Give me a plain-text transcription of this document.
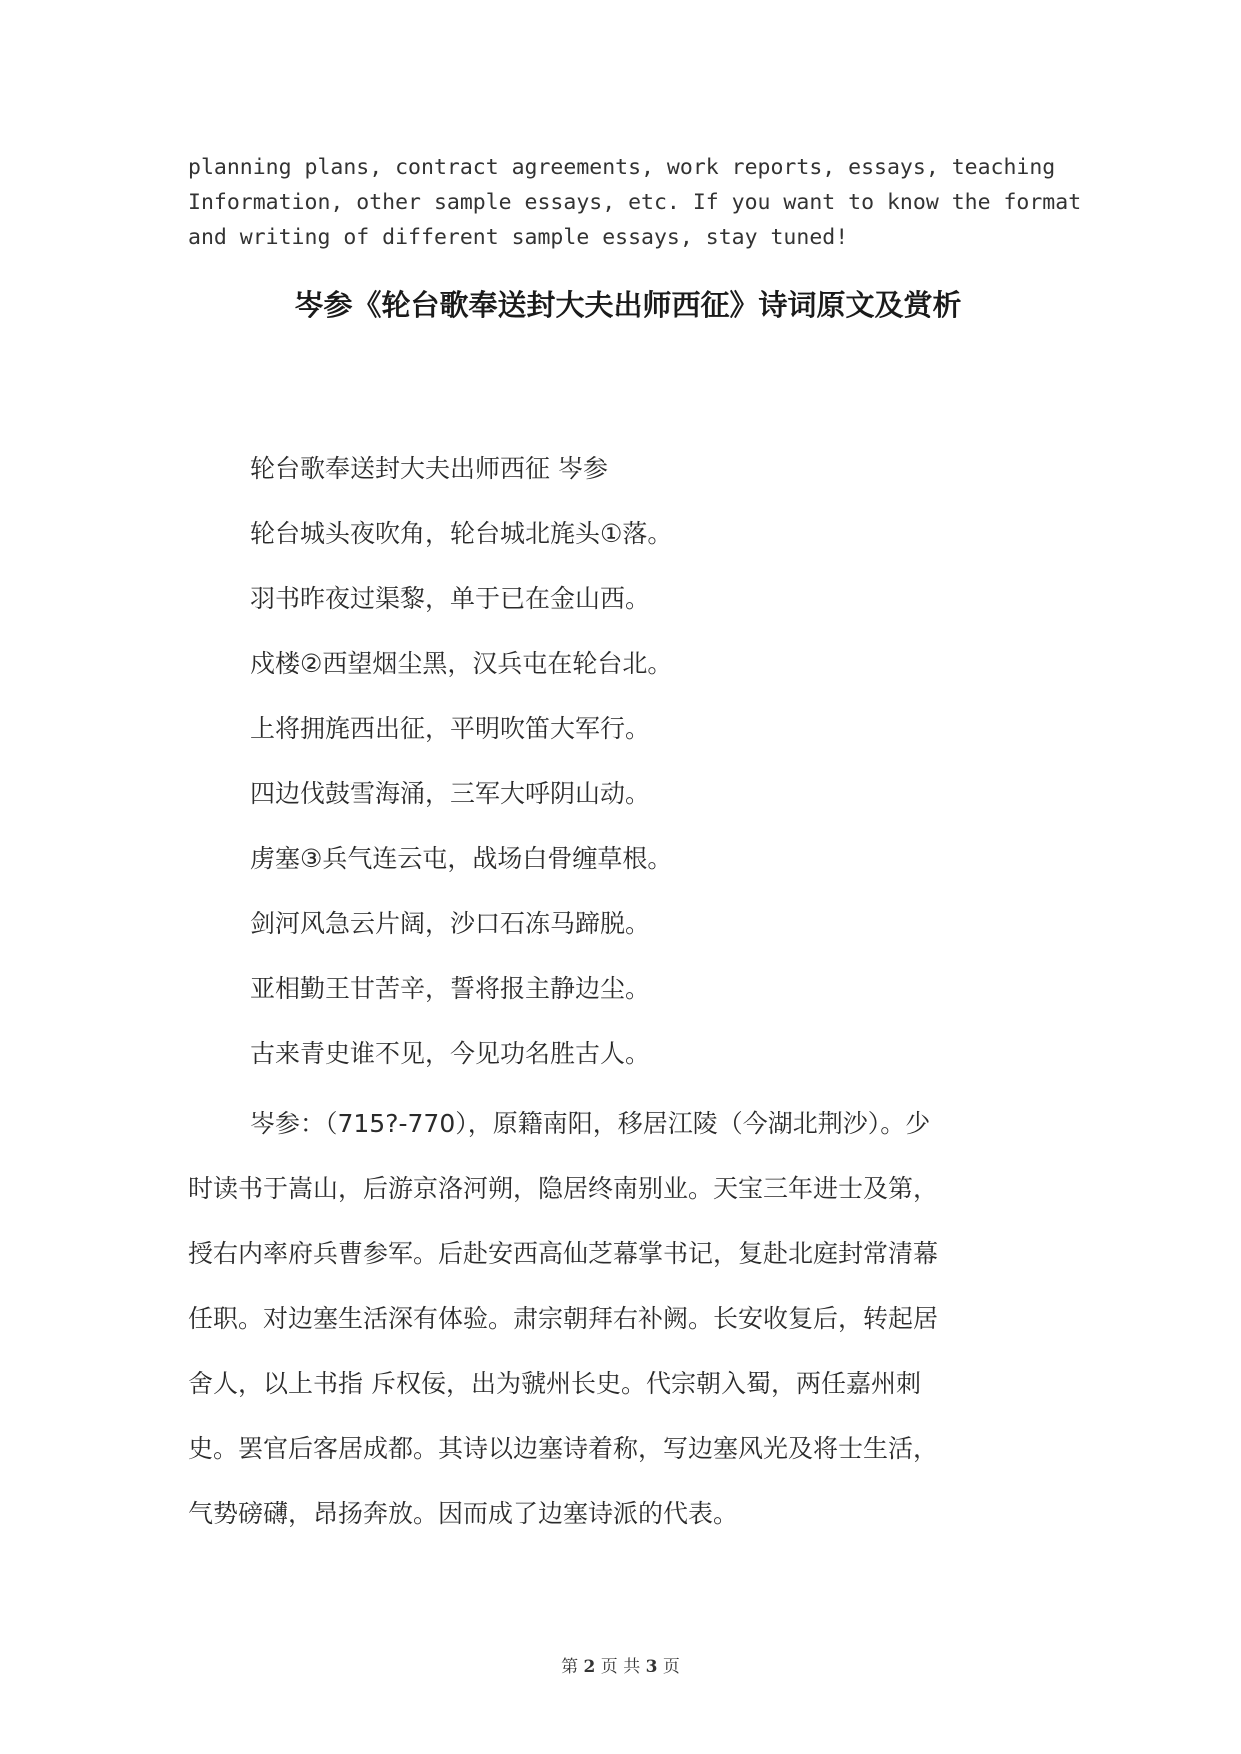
planning plans, contract agreements, work reports, essays, teaching
Information, other sample essays, etc. If you want to know the format
and writing of different sample essays, stay tuned!
岑参《轮台歌奉送封大夫出师西征》诗词原文及赏析
轮台歌奉送封大夫出师西征 岑参
轮台城头夜吹角，轮台城北旄头①落。
羽书昨夜过渠黎，单于已在金山西。
戍楼②西望烟尘黑，汉兵屯在轮台北。
上将拥旄西出征，平明吹笛大军行。
四边伐鼓雪海涌，三军大呼阴山动。
虏塞③兵气连云屯，战场白骨缠草根。
剑河风急云片阔，沙口石冻马蹄脱。
亚相勤王甘苦辛，誓将报主静边尘。
古来青史谁不见，今见功名胜古人。
岑参：（715?-770），原籍南阳，移居江陵（今湖北荆沙）。少
时读书于嵩山，后游京洛河朔，隐居终南别业。天宝三年进士及第，
授右内率府兵曹参军。后赴安西高仙芝幕掌书记，复赴北庭封常清幕
任职。对边塞生活深有体验。肃宗朝拜右补阙。长安收复后，转起居
舍人，以上书指 斥权佞，出为虢州长史。代宗朝入蜀，两任嘉州刺
史。罢官后客居成都。其诗以边塞诗着称，写边塞风光及将士生活，
气势磅礴，昂扬奔放。因而成了边塞诗派的代表。
第 2 页 共 3 页
